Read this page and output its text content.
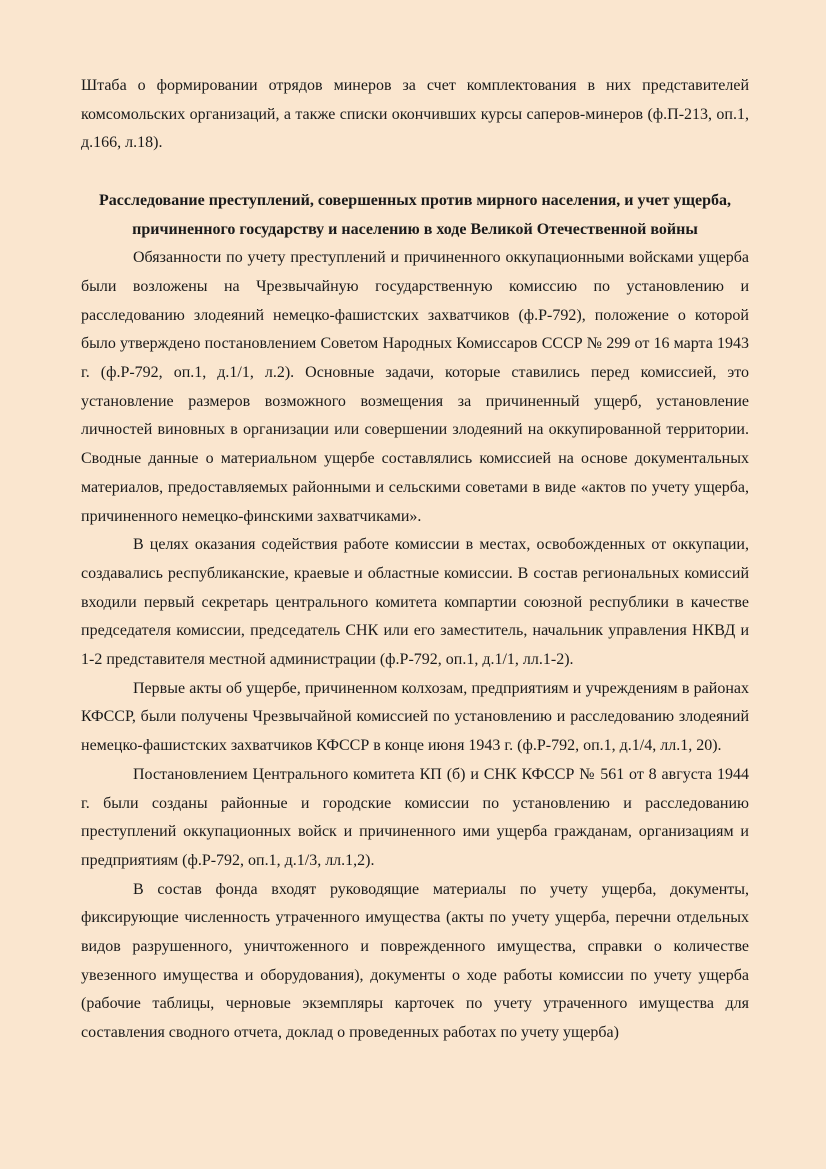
Штаба о формировании отрядов минеров за счет комплектования в них представителей комсомольских организаций, а также списки окончивших курсы саперов-минеров (ф.П-213, оп.1, д.166, л.18).

Расследование преступлений, совершенных против мирного населения, и учет ущерба, причиненного государству и населению в ходе Великой Отечественной войны

Обязанности по учету преступлений и причиненного оккупационными войсками ущерба были возложены на Чрезвычайную государственную комиссию по установлению и расследованию злодеяний немецко-фашистских захватчиков (ф.Р-792), положение о которой было утверждено постановлением Советом Народных Комиссаров СССР № 299 от 16 марта 1943 г. (ф.Р-792, оп.1, д.1/1, л.2). Основные задачи, которые ставились перед комиссией, это установление размеров возможного возмещения за причиненный ущерб, установление личностей виновных в организации или совершении злодеяний на оккупированной территории. Сводные данные о материальном ущербе составлялись комиссией на основе документальных материалов, предоставляемых районными и сельскими советами в виде «актов по учету ущерба, причиненного немецко-финскими захватчиками».

В целях оказания содействия работе комиссии в местах, освобожденных от оккупации, создавались республиканские, краевые и областные комиссии. В состав региональных комиссий входили первый секретарь центрального комитета компартии союзной республики в качестве председателя комиссии, председатель СНК или его заместитель, начальник управления НКВД и 1-2 представителя местной администрации (ф.Р-792, оп.1, д.1/1, лл.1-2).

Первые акты об ущербе, причиненном колхозам, предприятиям и учреждениям в районах КФССР, были получены Чрезвычайной комиссией по установлению и расследованию злодеяний немецко-фашистских захватчиков КФССР в конце июня 1943 г. (ф.Р-792, оп.1, д.1/4, лл.1, 20).

Постановлением Центрального комитета КП (б) и СНК КФССР № 561 от 8 августа 1944 г. были созданы районные и городские комиссии по установлению и расследованию преступлений оккупационных войск и причиненного ими ущерба гражданам, организациям и предприятиям (ф.Р-792, оп.1, д.1/3, лл.1,2).

В состав фонда входят руководящие материалы по учету ущерба, документы, фиксирующие численность утраченного имущества (акты по учету ущерба, перечни отдельных видов разрушенного, уничтоженного и поврежденного имущества, справки о количестве увезенного имущества и оборудования), документы о ходе работы комиссии по учету ущерба (рабочие таблицы, черновые экземпляры карточек по учету утраченного имущества для составления сводного отчета, доклад о проведенных работах по учету ущерба)
